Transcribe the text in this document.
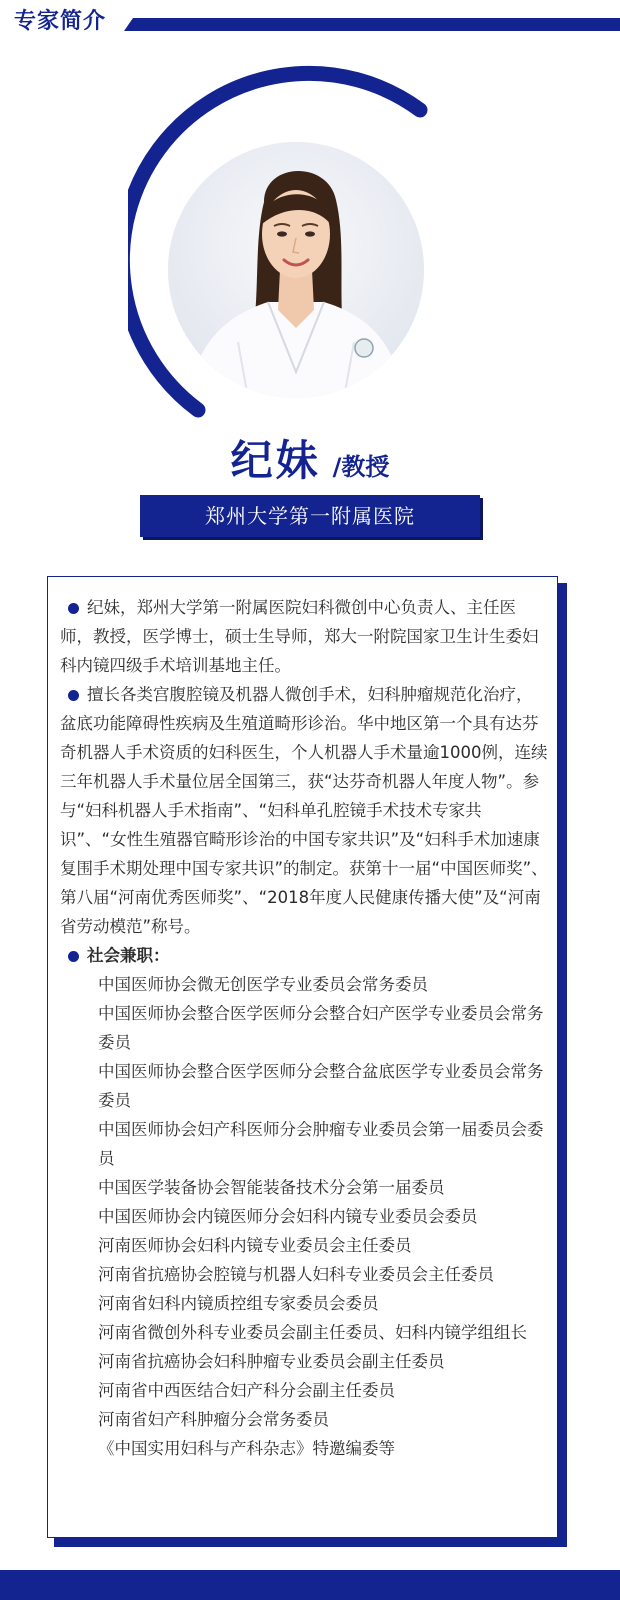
专家简介
纪妹 /教授
郑州大学第一附属医院

纪妹，郑州大学第一附属医院妇科微创中心负责人、主任医师，教授，医学博士，硕士生导师，郑大一附院国家卫生计生委妇科内镜四级手术培训基地主任。

擅长各类宫腹腔镜及机器人微创手术，妇科肿瘤规范化治疗，盆底功能障碍性疾病及生殖道畸形诊治。华中地区第一个具有达芬奇机器人手术资质的妇科医生，个人机器人手术量逾1000例，连续三年机器人手术量位居全国第三，获“达芬奇机器人年度人物”。参与“妇科机器人手术指南”、“妇科单孔腔镜手术技术专家共识”、“女性生殖器官畸形诊治的中国专家共识”及“妇科手术加速康复围手术期处理中国专家共识”的制定。获第十一届“中国医师奖”、第八届“河南优秀医师奖”、“2018年度人民健康传播大使”及“河南省劳动模范”称号。

社会兼职：

中国医师协会微无创医学专业委员会常务委员
中国医师协会整合医学医师分会整合妇产医学专业委员会常务委员
中国医师协会整合医学医师分会整合盆底医学专业委员会常务委员
中国医师协会妇产科医师分会肿瘤专业委员会第一届委员会委员
中国医学装备协会智能装备技术分会第一届委员
中国医师协会内镜医师分会妇科内镜专业委员会委员
河南医师协会妇科内镜专业委员会主任委员
河南省抗癌协会腔镜与机器人妇科专业委员会主任委员
河南省妇科内镜质控组专家委员会委员
河南省微创外科专业委员会副主任委员、妇科内镜学组组长
河南省抗癌协会妇科肿瘤专业委员会副主任委员
河南省中西医结合妇产科分会副主任委员
河南省妇产科肿瘤分会常务委员
《中国实用妇科与产科杂志》特邀编委等
